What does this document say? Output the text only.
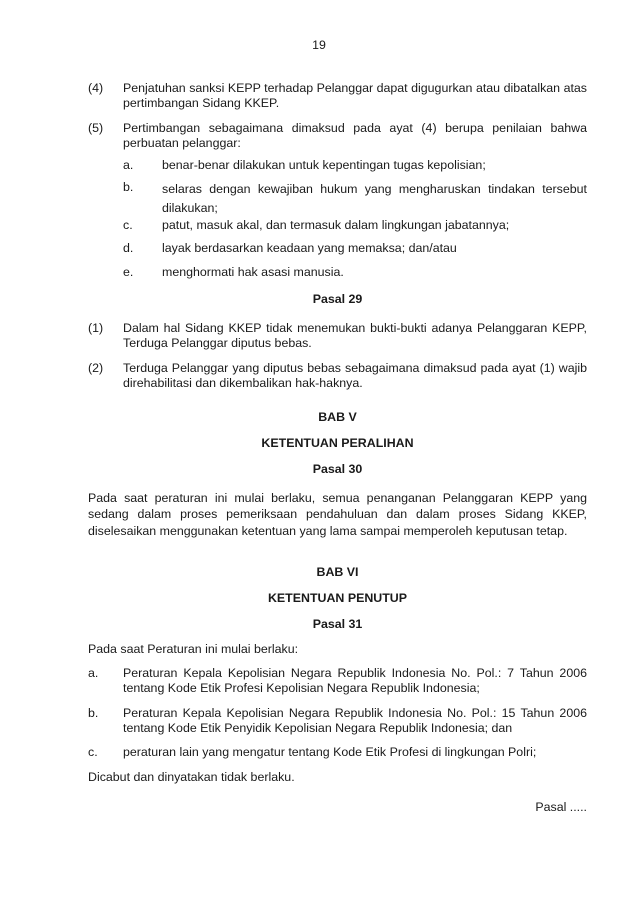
19
(4) Penjatuhan sanksi KEPP terhadap Pelanggar dapat digugurkan atau dibatalkan atas pertimbangan Sidang KKEP.
(5) Pertimbangan sebagaimana dimaksud pada ayat (4) berupa penilaian bahwa perbuatan pelanggar:
a. benar-benar dilakukan untuk kepentingan tugas kepolisian;
b. selaras dengan kewajiban hukum yang mengharuskan tindakan tersebut dilakukan;
c. patut, masuk akal, dan termasuk dalam lingkungan jabatannya;
d. layak berdasarkan keadaan yang memaksa; dan/atau
e. menghormati hak asasi manusia.
Pasal 29
(1) Dalam hal Sidang KKEP tidak menemukan bukti-bukti adanya Pelanggaran KEPP, Terduga Pelanggar diputus bebas.
(2) Terduga Pelanggar yang diputus bebas sebagaimana dimaksud pada ayat (1) wajib direhabilitasi dan dikembalikan hak-haknya.
BAB V
KETENTUAN PERALIHAN
Pasal 30
Pada saat peraturan ini mulai berlaku, semua penanganan Pelanggaran KEPP yang sedang dalam proses pemeriksaan pendahuluan dan dalam proses Sidang KKEP, diselesaikan menggunakan ketentuan yang lama sampai memperoleh keputusan tetap.
BAB VI
KETENTUAN PENUTUP
Pasal 31
Pada saat Peraturan ini mulai berlaku:
a. Peraturan Kepala Kepolisian Negara Republik Indonesia No. Pol.: 7 Tahun 2006 tentang Kode Etik Profesi Kepolisian Negara Republik Indonesia;
b. Peraturan Kepala Kepolisian Negara Republik Indonesia No. Pol.: 15 Tahun 2006 tentang Kode Etik Penyidik Kepolisian Negara Republik Indonesia; dan
c. peraturan lain yang mengatur tentang Kode Etik Profesi di lingkungan Polri;
Dicabut dan dinyatakan tidak berlaku.
Pasal .....
